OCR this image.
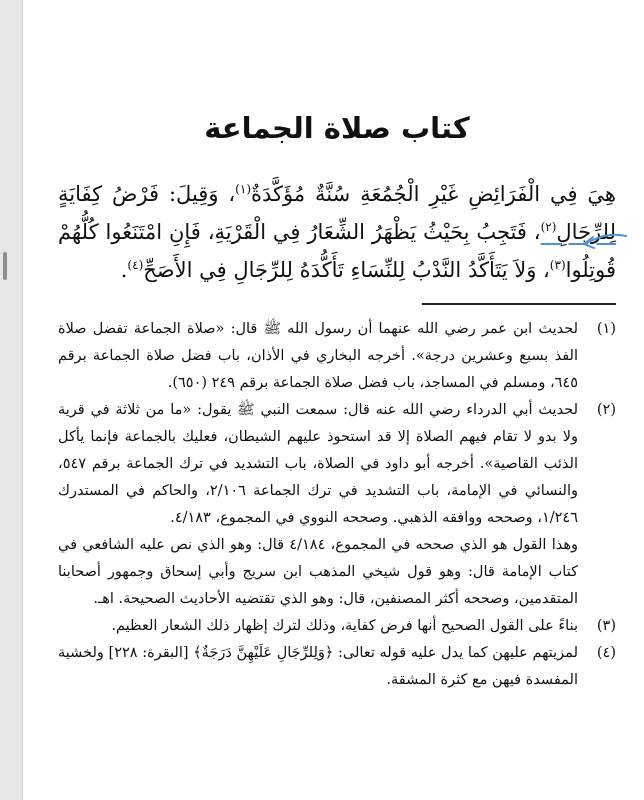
كتاب صلاة الجماعة

هِيَ فِي الْفَرَائِضِ غَيْرِ الْجُمُعَةِ سُنَّةٌ مُؤَكَّدَةٌ$^{(١)}$، وَقِيلَ: فَرْضُ كِفَايَةٍ لِلرِّجَالِ$^{(٢)}$، فَتَجِبُ بِحَيْثُ يَظْهَرُ الشِّعَارُ فِي الْقَرْيَةِ، فَإِنِ امْتَنَعُوا كُلُّهُمْ قُوتِلُوا$^{(٣)}$، وَلاَ يَتَأَكَّدُ النَّدْبُ لِلنِّسَاءِ تَأَكُّدَهُ لِلرِّجَالِ فِي الأَصَحِّ$^{(٤)}$.

(١)

لحديث ابن عمر رضي الله عنهما أن رسول الله ﷺ قال: «صلاة الجماعة تفضل صلاة الفذ بسبع وعشرين درجة». أخرجه البخاري في الأذان، باب فضل صلاة الجماعة برقم ٦٤٥، ومسلم في المساجد، باب فضل صلاة الجماعة برقم ٢٤٩ (٦٥٠).

(٢)

لحديث أبي الدرداء رضي الله عنه قال: سمعت النبي ﷺ يقول: «ما من ثلاثة في قرية ولا بدو لا تقام فيهم الصلاة إلا قد استحوذ عليهم الشيطان، فعليك بالجماعة فإنما يأكل الذئب القاصية». أخرجه أبو داود في الصلاة، باب التشديد في ترك الجماعة برقم ٥٤٧، والنسائي في الإمامة، باب التشديد في ترك الجماعة ٢/١٠٦، والحاكم في المستدرك ١/٢٤٦، وصححه ووافقه الذهبي. وصححه النووي في المجموع، ٤/١٨٣.

وهذا القول هو الذي صححه في المجموع، ٤/١٨٤ قال: وهو الذي نص عليه الشافعي في كتاب الإمامة قال: وهو قول شيخي المذهب ابن سريج وأبي إسحاق وجمهور أصحابنا المتقدمين، وصححه أكثر المصنفين، قال: وهو الذي تقتضيه الأحاديث الصحيحة. اهـ.

(٣)

بناءً على القول الصحيح أنها فرض كفاية، وذلك لترك إظهار ذلك الشعار العظيم.

(٤)

لمزيتهم عليهن كما يدل عليه قوله تعالى: ﴿وَلِلرِّجَالِ عَلَيْهِنَّ دَرَجَةٌ﴾ [البقرة: ٢٢٨] ولخشية المفسدة فيهن مع كثرة المشقة.
